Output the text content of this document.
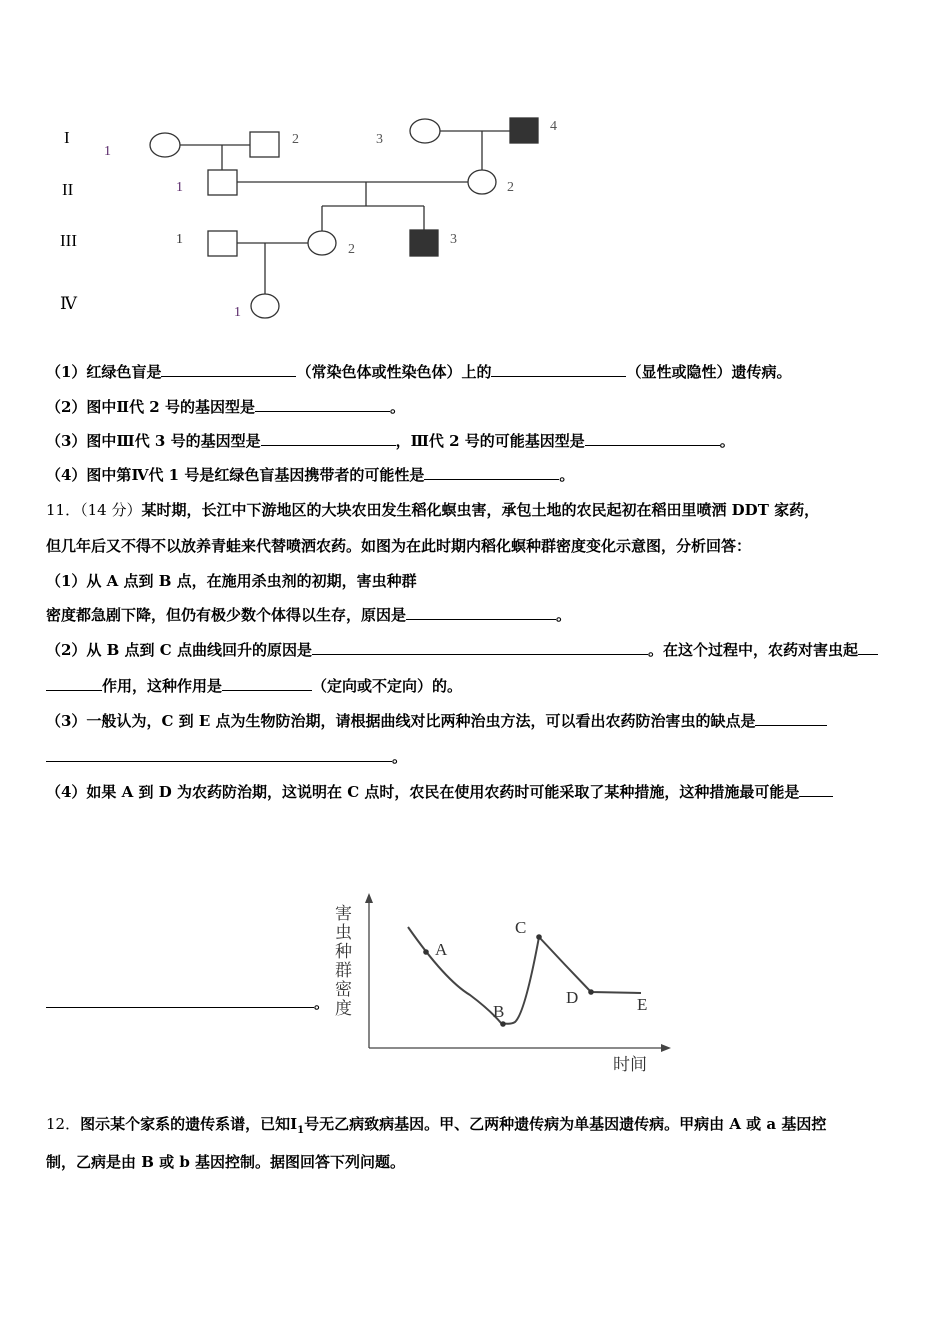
I
II
III
Ⅳ
1
2	3
4
1	2
1
2
3
1
（1）红绿色盲是	（常染色体或性染色体）上的	（显性或隐性）遗传病。
（2）图中Ⅱ代 2 号的基因型是	。
（3）图中Ⅲ代 3 号的基因型是	，Ⅲ代 2 号的可能基因型是	。
（4）图中第Ⅳ代 1 号是红绿色盲基因携带者的可能性是	。
11．（14 分）某时期，长江中下游地区的大块农田发生稻化螟虫害，承包土地的农民起初在稻田里喷洒 DDT 家药，
但几年后又不得不以放养青蛙来代替喷洒农药。如图为在此时期内稻化螟种群密度变化示意图，分析回答：
（1）从 A 点到 B 点，在施用杀虫剂的初期，害虫种群
密度都急剧下降，但仍有极少数个体得以生存，原因是	。
（2）从 B 点到 C 点曲线回升的原因是	。在这个过程中，农药对害虫起
作用，这种作用是	（定向或不定向）的。
（3）一般认为，C 到 E 点为生物防治期，请根据曲线对比两种治虫方法，可以看出农药防治害虫的缺点是
。
（4）如果 A 到 D 为农药防治期，这说明在 C 点时，农民在使用农药时可能采取了某种措施，这种措施最可能是
。
害
虫
种
群
密
度
时间
A
B
C
D	E
12．图示某个家系的遗传系谱，已知$Ⅰ_1$号无乙病致病基因。甲、乙两种遗传病为单基因遗传病。甲病由 A 或 a 基因控
制，乙病是由 B 或 b 基因控制。据图回答下列问题。
